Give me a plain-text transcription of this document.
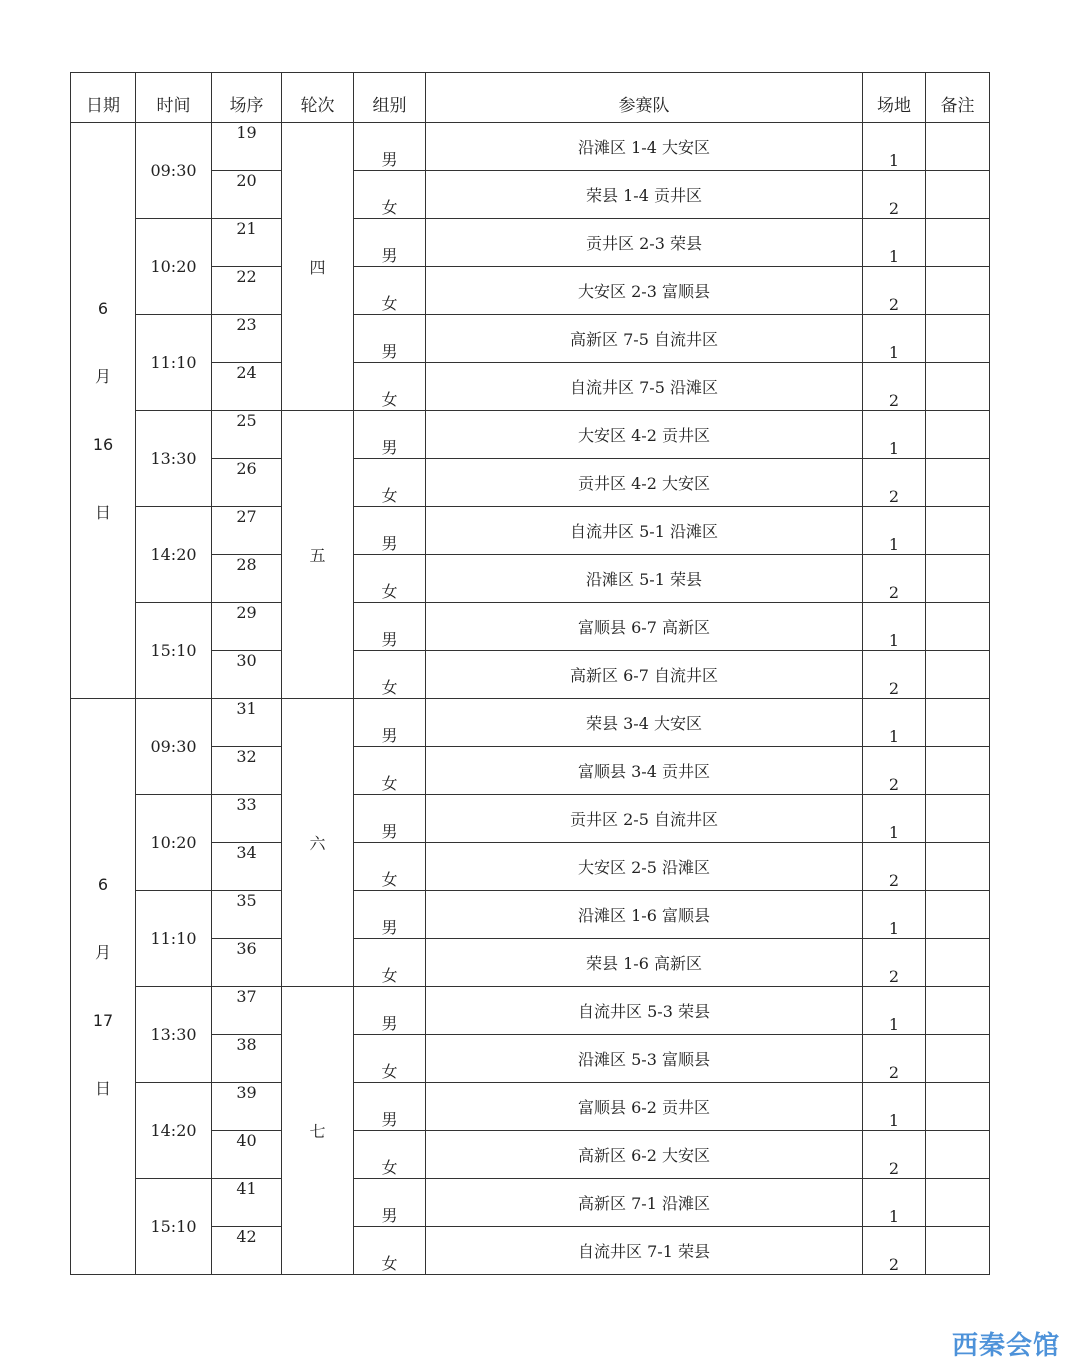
日期	时间	场序	轮次	组别	参赛队	场地	备注

6
月
16
日	09:30	19	四	男	沿滩区 1-4 大安区	1	
		20		女	荣县 1-4 贡井区	2	
	10:20	21		男	贡井区 2-3 荣县	1	
		22		女	大安区 2-3 富顺县	2	
	11:10	23		男	高新区 7-5 自流井区	1	
		24		女	自流井区 7-5 沿滩区	2	
	13:30	25	五	男	大安区 4-2 贡井区	1	
		26		女	贡井区 4-2 大安区	2	
	14:20	27		男	自流井区 5-1 沿滩区	1	
		28		女	沿滩区 5-1 荣县	2	
	15:10	29		男	富顺县 6-7 高新区	1	
		30		女	高新区 6-7 自流井区	2	

6
月
17
日	09:30	31	六	男	荣县 3-4 大安区	1	
		32		女	富顺县 3-4 贡井区	2	
	10:20	33		男	贡井区 2-5 自流井区	1	
		34		女	大安区 2-5 沿滩区	2	
	11:10	35		男	沿滩区 1-6 富顺县	1	
		36		女	荣县 1-6 高新区	2	
	13:30	37	七	男	自流井区 5-3 荣县	1	
		38		女	沿滩区 5-3 富顺县	2	
	14:20	39		男	富顺县 6-2 贡井区	1	
		40		女	高新区 6-2 大安区	2	
	15:10	41		男	高新区 7-1 沿滩区	1	
		42		女	自流井区 7-1 荣县	2	
西秦会馆
